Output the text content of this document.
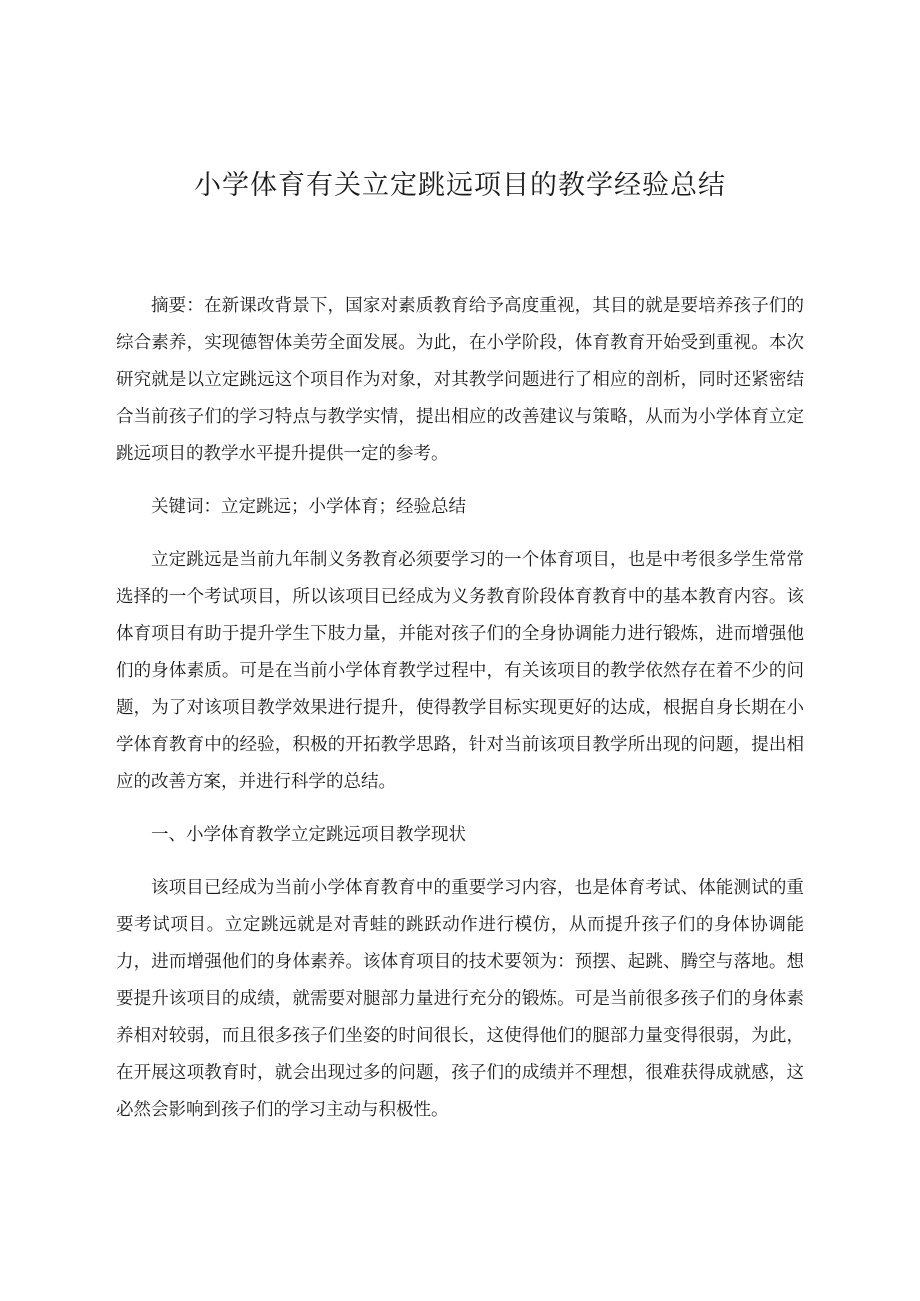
小学体育有关立定跳远项目的教学经验总结

摘要：在新课改背景下，国家对素质教育给予高度重视，其目的就是要培养孩子们的综合素养，实现德智体美劳全面发展。为此，在小学阶段，体育教育开始受到重视。本次研究就是以立定跳远这个项目作为对象，对其教学问题进行了相应的剖析，同时还紧密结合当前孩子们的学习特点与教学实情，提出相应的改善建议与策略，从而为小学体育立定跳远项目的教学水平提升提供一定的参考。

关键词：立定跳远；小学体育；经验总结

立定跳远是当前九年制义务教育必须要学习的一个体育项目，也是中考很多学生常常选择的一个考试项目，所以该项目已经成为义务教育阶段体育教育中的基本教育内容。该体育项目有助于提升学生下肢力量，并能对孩子们的全身协调能力进行锻炼，进而增强他们的身体素质。可是在当前小学体育教学过程中，有关该项目的教学依然存在着不少的问题，为了对该项目教学效果进行提升，使得教学目标实现更好的达成，根据自身长期在小学体育教育中的经验，积极的开拓教学思路，针对当前该项目教学所出现的问题，提出相应的改善方案，并进行科学的总结。

一、小学体育教学立定跳远项目教学现状

该项目已经成为当前小学体育教育中的重要学习内容，也是体育考试、体能测试的重要考试项目。立定跳远就是对青蛙的跳跃动作进行模仿，从而提升孩子们的身体协调能力，进而增强他们的身体素养。该体育项目的技术要领为：预摆、起跳、腾空与落地。想要提升该项目的成绩，就需要对腿部力量进行充分的锻炼。可是当前很多孩子们的身体素养相对较弱，而且很多孩子们坐姿的时间很长，这使得他们的腿部力量变得很弱，为此，在开展这项教育时，就会出现过多的问题，孩子们的成绩并不理想，很难获得成就感，这必然会影响到孩子们的学习主动与积极性。
